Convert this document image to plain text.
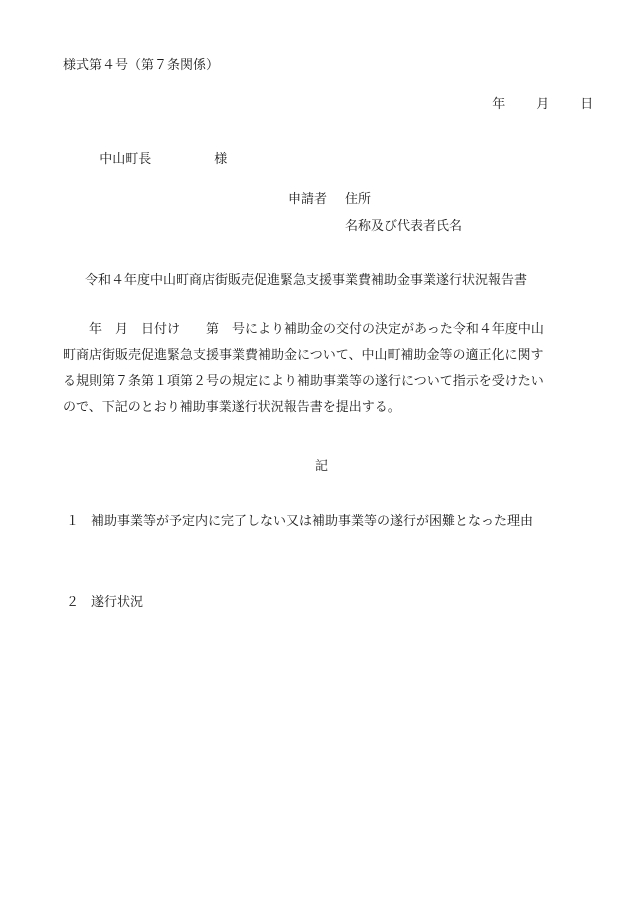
様式第４号（第７条関係）

年 月 日

中山町長	様

申請者 住所
名称及び代表者氏名
令和４年度中山町商店街販売促進緊急支援事業費補助金事業遂行状況報告書
　　年　月　日付け　　第　号により補助金の交付の決定があった令和４年度中山
町商店街販売促進緊急支援事業費補助金について、中山町補助金等の適正化に関す
る規則第７条第１項第２号の規定により補助事業等の遂行について指示を受けたい
ので、下記のとおり補助事業遂行状況報告書を提出する。
記
１ 補助事業等が予定内に完了しない又は補助事業等の遂行が困難となった理由
２ 遂行状況
